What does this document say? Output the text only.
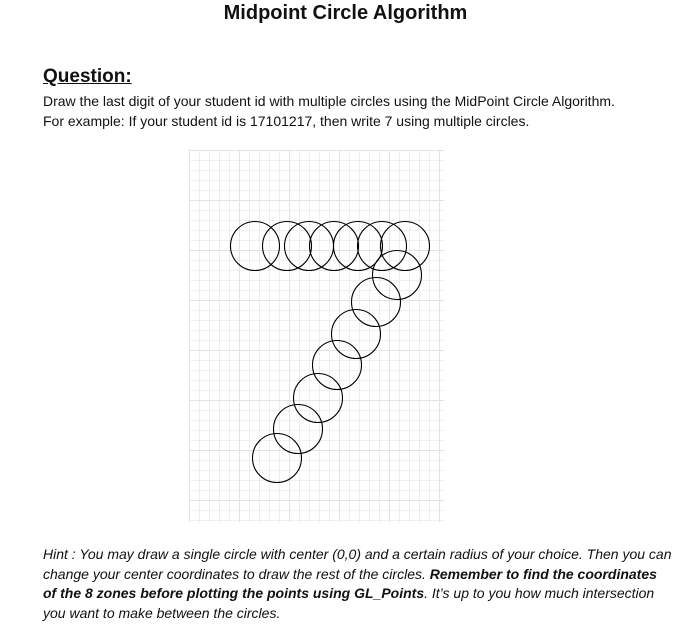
Midpoint Circle Algorithm
Question:
Draw the last digit of your student id with multiple circles using the MidPoint Circle Algorithm.
For example: If your student id is 17101217, then write 7 using multiple circles.
Hint : You may draw a single circle with center (0,0) and a certain radius of your choice. Then you can change your center coordinates to draw the rest of the circles. Remember to find the coordinates of the 8 zones before plotting the points using GL_Points. It’s up to you how much intersection you want to make between the circles.
